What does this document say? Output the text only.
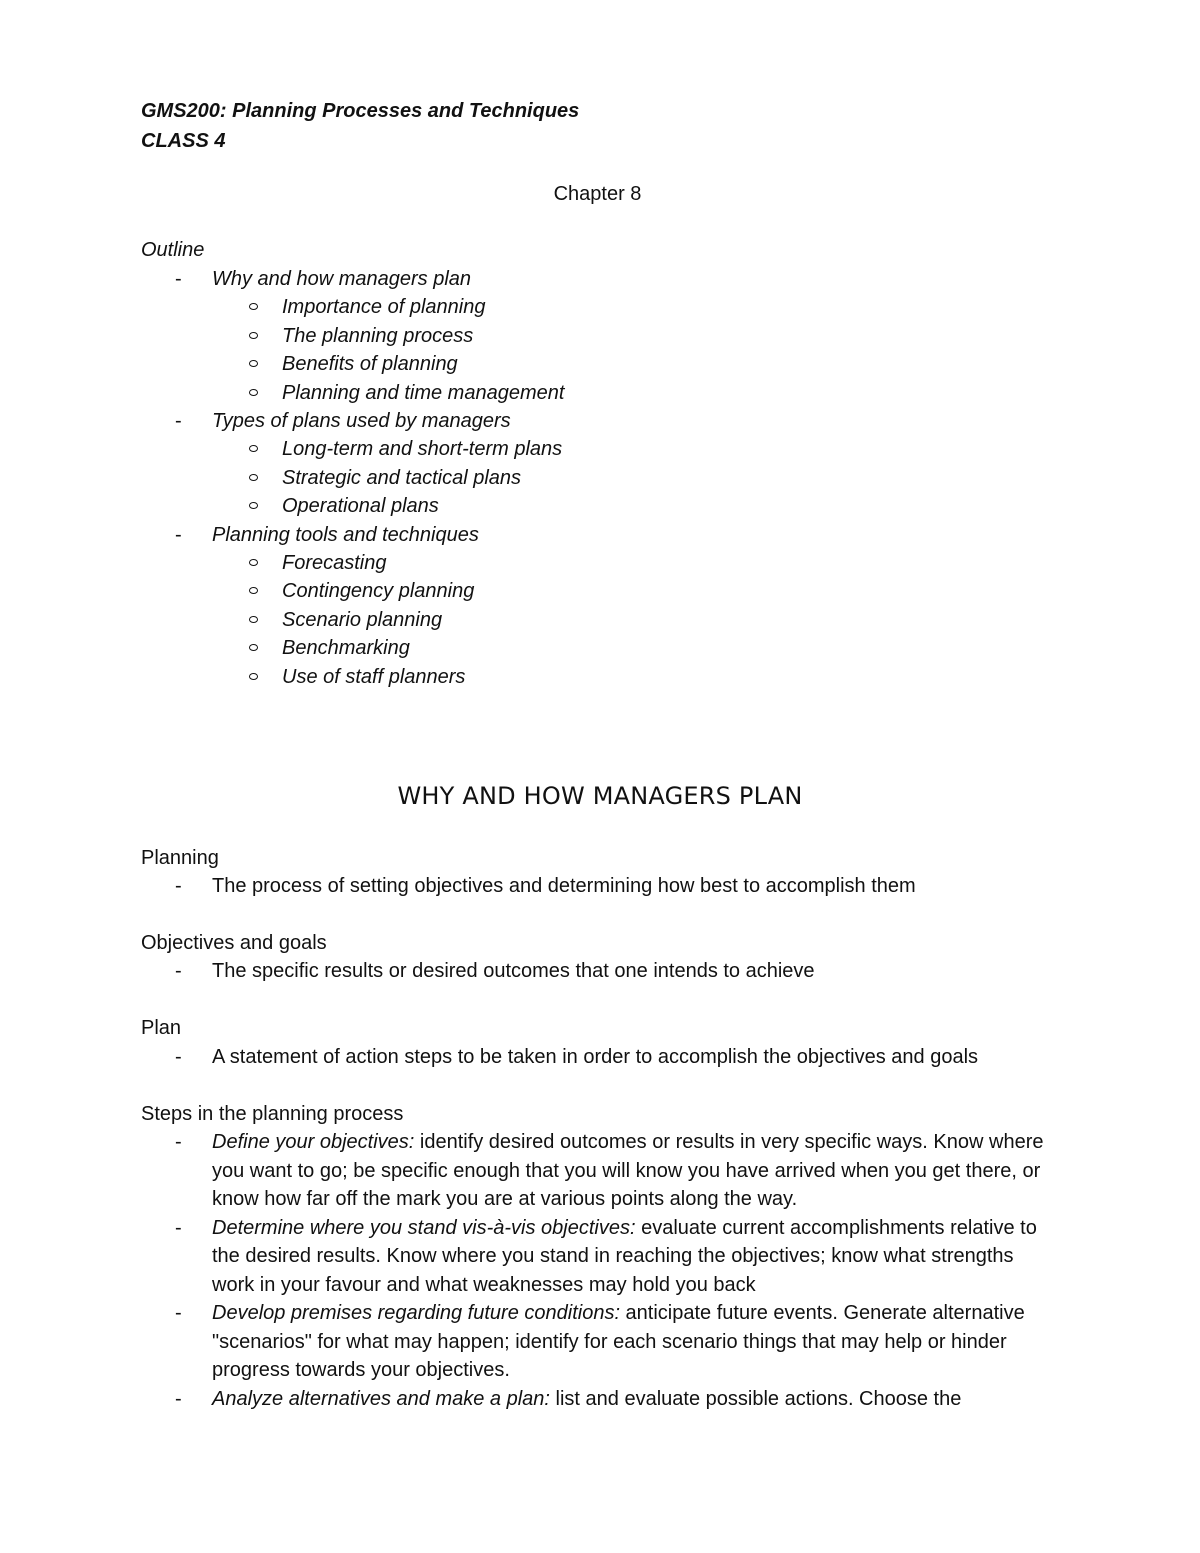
GMS200: Planning Processes and Techniques
CLASS 4
Chapter 8
Outline
- Why and how managers plan
Importance of planning
The planning process
Benefits of planning
Planning and time management
- Types of plans used by managers
Long-term and short-term plans
Strategic and tactical plans
Operational plans
- Planning tools and techniques
Forecasting
Contingency planning
Scenario planning
Benchmarking
Use of staff planners
WHY AND HOW MANAGERS PLAN
Planning
- The process of setting objectives and determining how best to accomplish them
Objectives and goals
- The specific results or desired outcomes that one intends to achieve
Plan
- A statement of action steps to be taken in order to accomplish the objectives and goals
Steps in the planning process
- Define your objectives: identify desired outcomes or results in very specific ways. Know where you want to go; be specific enough that you will know you have arrived when you get there, or know how far off the mark you are at various points along the way.
- Determine where you stand vis-à-vis objectives: evaluate current accomplishments relative to the desired results. Know where you stand in reaching the objectives; know what strengths work in your favour and what weaknesses may hold you back
- Develop premises regarding future conditions: anticipate future events. Generate alternative "scenarios" for what may happen; identify for each scenario things that may help or hinder progress towards your objectives.
- Analyze alternatives and make a plan: list and evaluate possible actions. Choose the
